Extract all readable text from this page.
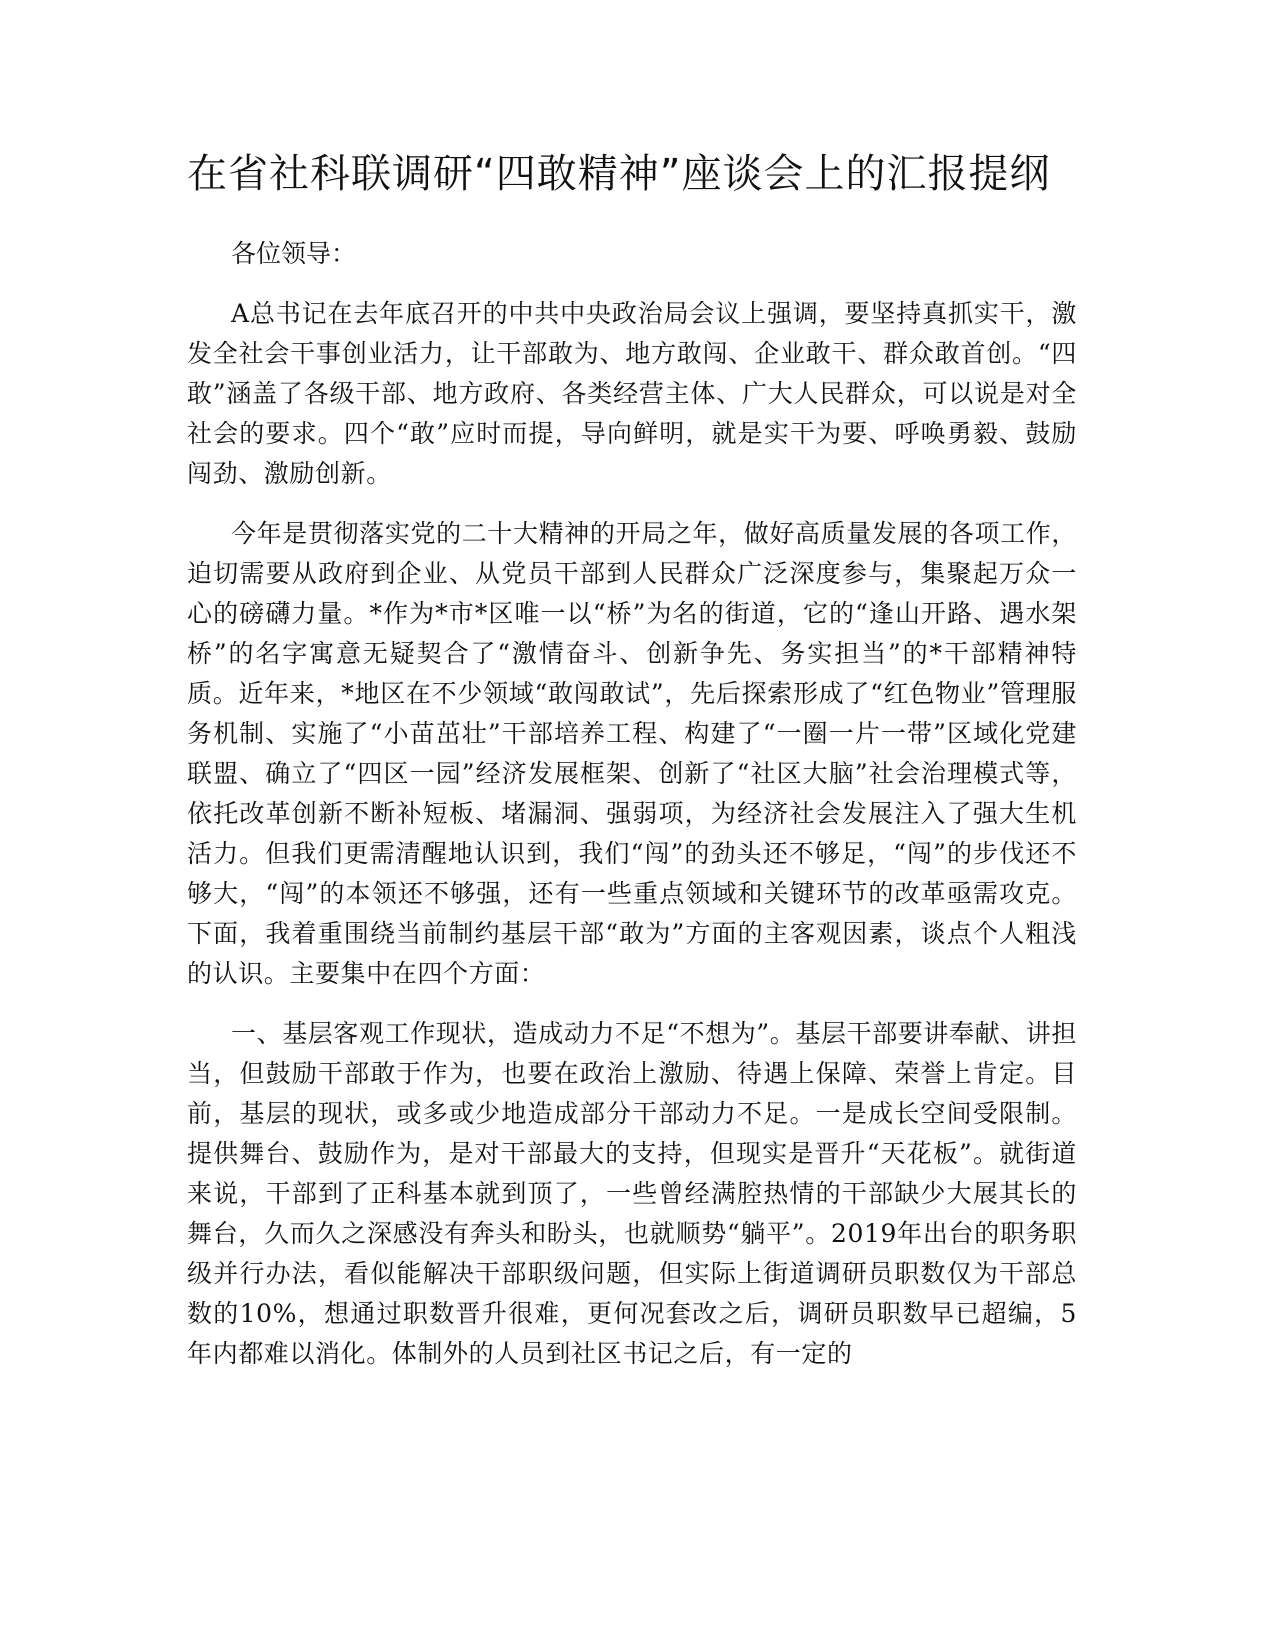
在省社科联调研“四敢精神”座谈会上的汇报提纲

各位领导：

A总书记在去年底召开的中共中央政治局会议上强调，要坚持真抓实干，激发全社会干事创业活力，让干部敢为、地方敢闯、企业敢干、群众敢首创。“四敢”涵盖了各级干部、地方政府、各类经营主体、广大人民群众，可以说是对全社会的要求。四个“敢”应时而提，导向鲜明，就是实干为要、呼唤勇毅、鼓励闯劲、激励创新。

今年是贯彻落实党的二十大精神的开局之年，做好高质量发展的各项工作，迫切需要从政府到企业、从党员干部到人民群众广泛深度参与，集聚起万众一心的磅礴力量。*作为*市*区唯一以“桥”为名的街道，它的“逢山开路、遇水架桥”的名字寓意无疑契合了“激情奋斗、创新争先、务实担当”的*干部精神特质。近年来，*地区在不少领域“敢闯敢试”，先后探索形成了“红色物业”管理服务机制、实施了“小苗茁壮”干部培养工程、构建了“一圈一片一带”区域化党建联盟、确立了“四区一园”经济发展框架、创新了“社区大脑”社会治理模式等，依托改革创新不断补短板、堵漏洞、强弱项，为经济社会发展注入了强大生机活力。但我们更需清醒地认识到，我们“闯”的劲头还不够足，“闯”的步伐还不够大，“闯”的本领还不够强，还有一些重点领域和关键环节的改革亟需攻克。下面，我着重围绕当前制约基层干部“敢为”方面的主客观因素，谈点个人粗浅的认识。主要集中在四个方面：

一、基层客观工作现状，造成动力不足“不想为”。基层干部要讲奉献、讲担当，但鼓励干部敢于作为，也要在政治上激励、待遇上保障、荣誉上肯定。目前，基层的现状，或多或少地造成部分干部动力不足。一是成长空间受限制。提供舞台、鼓励作为，是对干部最大的支持，但现实是晋升“天花板”。就街道来说，干部到了正科基本就到顶了，一些曾经满腔热情的干部缺少大展其长的舞台，久而久之深感没有奔头和盼头，也就顺势“躺平”。2019年出台的职务职级并行办法，看似能解决干部职级问题，但实际上街道调研员职数仅为干部总数的10%，想通过职数晋升很难，更何况套改之后，调研员职数早已超编，5年内都难以消化。体制外的人员到社区书记之后，有一定的
